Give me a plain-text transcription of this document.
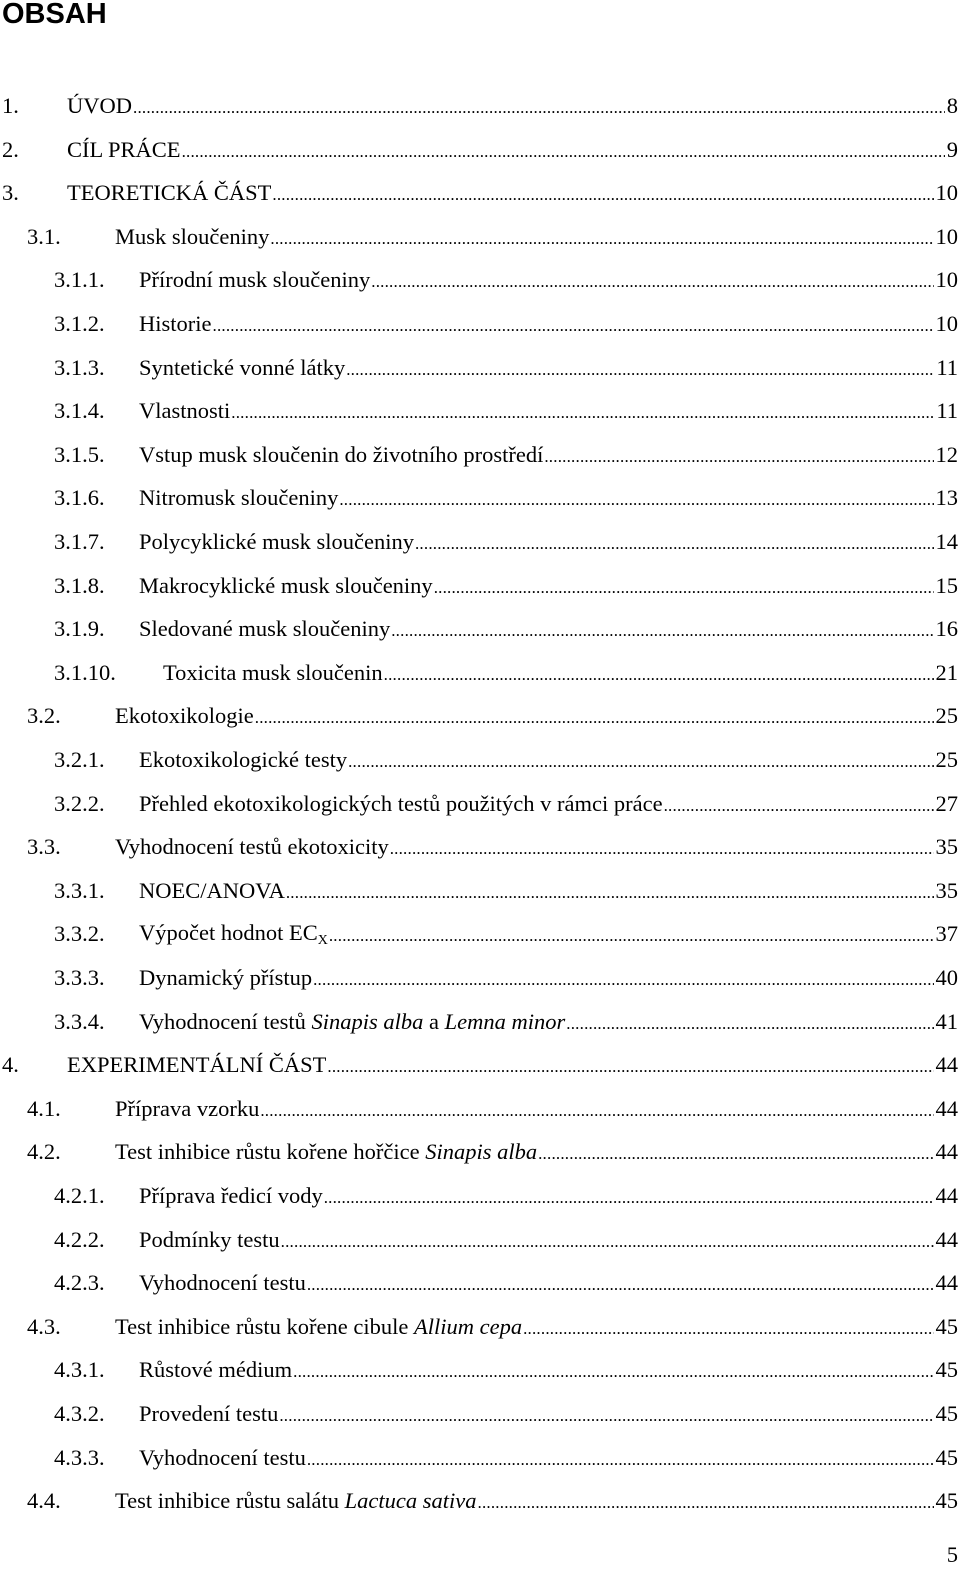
OBSAH
1.	ÚVOD .....	8
2.	CÍL PRÁCE .....	9
3.	TEORETICKÁ ČÁST .....	10
3.1.	Musk sloučeniny .....	10
3.1.1.	Přírodní musk sloučeniny .....	10
3.1.2.	Historie .....	10
3.1.3.	Syntetické vonné látky .....	11
3.1.4.	Vlastnosti .....	11
3.1.5.	Vstup musk sloučenin do životního prostředí .....	12
3.1.6.	Nitromusk sloučeniny .....	13
3.1.7.	Polycyklické musk sloučeniny .....	14
3.1.8.	Makrocyklické musk sloučeniny .....	15
3.1.9.	Sledované musk sloučeniny .....	16
3.1.10.	Toxicita musk sloučenin .....	21
3.2.	Ekotoxikologie .....	25
3.2.1.	Ekotoxikologické testy .....	25
3.2.2.	Přehled ekotoxikologických testů použitých v rámci práce .....	27
3.3.	Vyhodnocení testů ekotoxicity .....	35
3.3.1.	NOEC/ANOVA .....	35
3.3.2.	Výpočet hodnot $EC_X$ .....	37
3.3.3.	Dynamický přístup .....	40
3.3.4.	Vyhodnocení testů Sinapis alba a Lemna minor .....	41
4.	EXPERIMENTÁLNÍ ČÁST .....	44
4.1.	Příprava vzorku .....	44
4.2.	Test inhibice růstu kořene hořčice Sinapis alba .....	44
4.2.1.	Příprava ředicí vody .....	44
4.2.2.	Podmínky testu .....	44
4.2.3.	Vyhodnocení testu .....	44
4.3.	Test inhibice růstu kořene cibule Allium cepa .....	45
4.3.1.	Růstové médium .....	45
4.3.2.	Provedení testu .....	45
4.3.3.	Vyhodnocení testu .....	45
4.4.	Test inhibice růstu salátu Lactuca sativa .....	45
5
